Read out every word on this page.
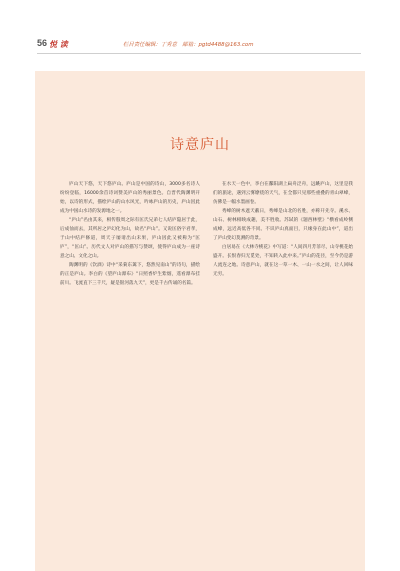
56 悦 读	栏目责任编辑：丁秀意　邮箱：pgtd4488@163.com
诗意庐山

庐山天下悠，天下悠庐山。庐山是中国的诗山，3000多名诗人纷纷登临，16000余首诗词赞美庐山的秀丽景色。自晋代陶渊明开始，以诗的形式，描绘庐山的山水风光，吟咏庐山的历史，庐山因此成为中国山水诗的发源地之一。

“庐山”名由其来，相传殷周之际有匡氏兄弟七人结庐隐居于此，后成仙而去，其所居之庐幻化为山，故名“庐山”。又说匡俗字君孝，于山中结庐修道，周天子屡请出山未果，庐山因此又被称为“匡庐”，“匡山”。历代文人对庐山的描写与赞颂，使得庐山成为一座诗意之山、文化之山。

陶渊明的《饮酒》诗中“采菊东篱下，悠然见南山”的诗句，描绘的正是庐山。李白的《望庐山瀑布》“日照香炉生紫烟，遥看瀑布挂前川。飞流直下三千尺，疑是银河落九天”，更是千古传诵的名篇。

在水天一色中，李白在鄱阳湖上扁舟泛舟，远眺庐山，这里是我们的旅途，遇到云雾缭绕的天气，在全都只见那些重叠的青山翠峰，仿佛是一幅水墨画卷。

秀峰的树木遮天蔽日，秀峰是山北的名胜，亦称开先寺。溪水、山石、树林相映成趣，美不胜收。苏轼的《题西林壁》“横看成岭侧成峰，远近高低各不同。不识庐山真面目，只缘身在此山中”，道出了庐山变幻莫测的奇景。

白居易在《大林寺桃花》中写道：“人间四月芳菲尽，山寺桃花始盛开。长恨春归无觅处，不知转入此中来。”庐山的花径，至今仍是游人流连之地。诗意庐山，就在这一草一木、一山一水之间，让人回味无穷。
